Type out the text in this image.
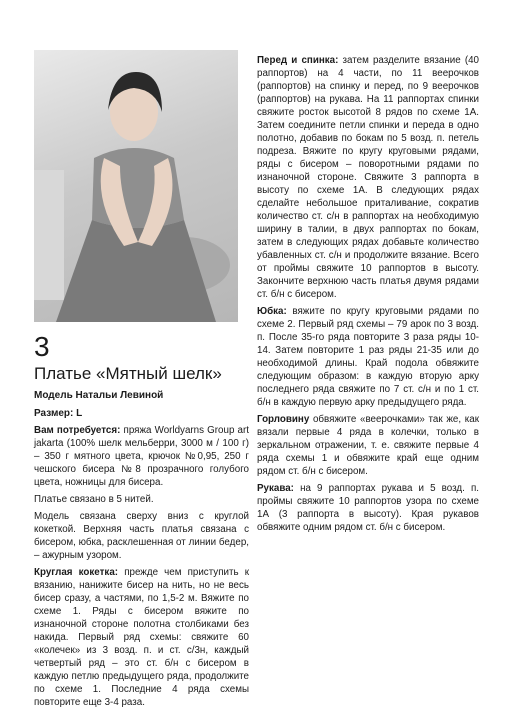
3
Платье «Мятный шелк»
Модель Натальи Левиной
Размер: L

Вам потребуется: пряжа Worldyarns Group art jakarta (100% шелк мельберри, 3000 м / 100 г) – 350 г мятного цвета, крючок №0,95, 250 г чешского бисера №8 прозрачного голубого цвета, ножницы для бисера.

Платье связано в 5 нитей.

Модель связана сверху вниз с круглой кокеткой. Верхняя часть платья связана с бисером, юбка, расклешенная от линии бедер, – ажурным узором.

Круглая кокетка: прежде чем приступить к вязанию, нанижите бисер на нить, но не весь бисер сразу, а частями, по 1,5-2 м. Вяжите по схеме 1. Ряды с бисером вяжите по изнаночной стороне полотна столбиками без накида. Первый ряд схемы: свяжите 60 «колечек» из 3 возд. п. и ст. с/3н, каждый четвертый ряд – это ст. б/н с бисером в каждую петлю предыдущего ряда, продолжите по схеме 1. Последние 4 ряда схемы повторите еще 3-4 раза.

Перед и спинка: затем разделите вязание (40 раппортов) на 4 части, по 11 веерочков (раппортов) на спинку и перед, по 9 веерочков (раппортов) на рукава. На 11 раппортах спинки свяжите росток высотой 8 рядов по схеме 1А. Затем соедините петли спинки и переда в одно полотно, добавив по бокам по 5 возд. п. петель подреза. Вяжите по кругу круговыми рядами, ряды с бисером – поворотными рядами по изнаночной стороне. Свяжите 3 раппорта в высоту по схеме 1А. В следующих рядах сделайте небольшое приталивание, сократив количество ст. с/н в раппортах на необходимую ширину в талии, в двух раппортах по бокам, затем в следующих рядах добавьте количество убавленных ст. с/н и продолжите вязание. Всего от проймы свяжите 10 раппортов в высоту. Закончите верхнюю часть платья двумя рядами ст. б/н с бисером.

Юбка: вяжите по кругу круговыми рядами по схеме 2. Первый ряд схемы – 79 арок по 3 возд. п. После 35-го ряда повторите 3 раза ряды 10-14. Затем повторите 1 раз ряды 21-35 или до необходимой длины. Край подола обвяжите следующим образом: в каждую вторую арку последнего ряда свяжите по 7 ст. с/н и по 1 ст. б/н в каждую первую арку предыдущего ряда.

Горловину обвяжите «веерочками» так же, как вязали первые 4 ряда в колечки, только в зеркальном отражении, т. е. свяжите первые 4 ряда схемы 1 и обвяжите край еще одним рядом ст. б/н с бисером.

Рукава: на 9 раппортах рукава и 5 возд. п. проймы свяжите 10 раппортов узора по схеме 1А (3 раппорта в высоту). Края рукавов обвяжите одним рядом ст. б/н с бисером.
